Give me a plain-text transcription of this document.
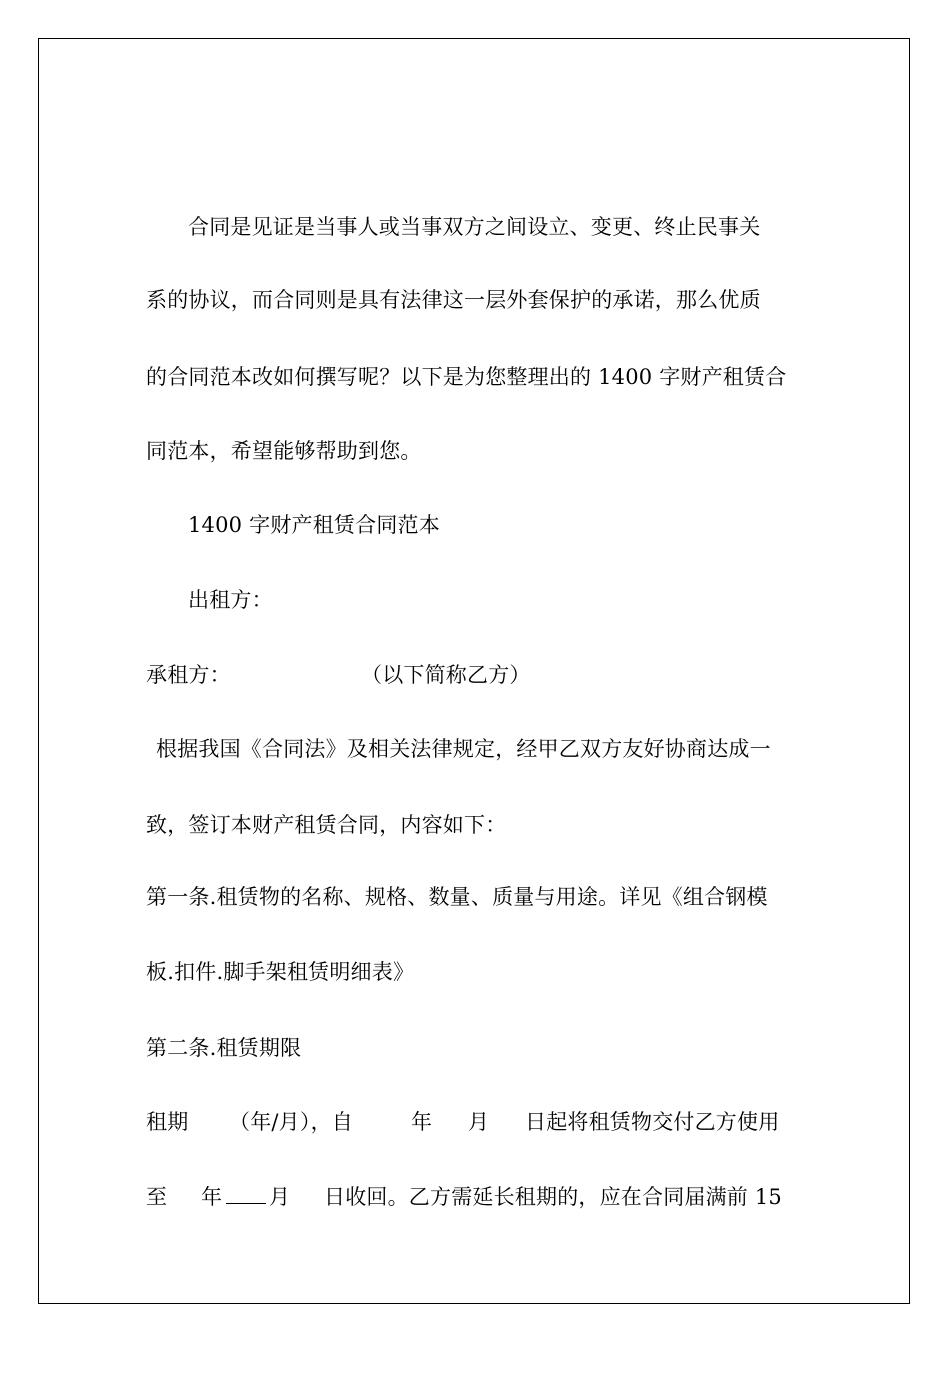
合同是见证是当事人或当事双方之间设立、变更、终止民事关
系的协议，而合同则是具有法律这一层外套保护的承诺，那么优质
的合同范本改如何撰写呢？以下是为您整理出的 1400 字财产租赁合
同范本，希望能够帮助到您。
1400 字财产租赁合同范本
出租方：

承租方：

	（以下简称乙方）

根据我国《合同法》及相关法律规定，经甲乙双方友好协商达成一
致，签订本财产租赁合同，内容如下：
第一条.租赁物的名称、规格、数量、质量与用途。详见《组合钢模
板.扣件.脚手架租赁明细表》
第二条.租赁期限

租期

（年/月），自

	年

月

日起将租赁物交付乙方使用

至

年

月

日收回。乙方需延长租期的，应在合同届满前 15
